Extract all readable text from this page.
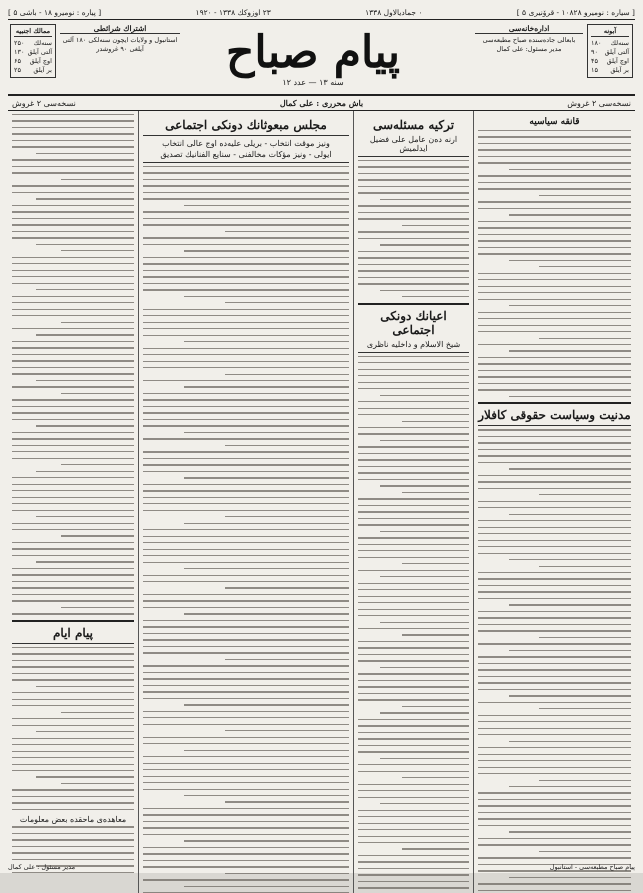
[ سیاره : نومیرو ۱۰۸۲۸ - قرۆنیری ۵ ]
۰ جمادیالاول ۱۳۳۸
۲۳ اوزوکك ۱۳۳۸ - ۱۹۲۰
[ پياره : نومیرو ۱۸ - باشی ۵ ]
آبونه
سنه‌لك
۱۸۰
آلتی آیلق
۹۰
اوچ آیلق
۴۵
بر آیلق
۱۵
اداره‌خانه‌سی
بابعالی جاده‌سنده صباح مطبعه‌سی
مدیر مسئول: علی کمال
پیام صباح
سنه ۱۳ — عدد ۱۲
اشتراك شرائطی
استانبول و ولایات ایچون سنه‌لکی ۱۸۰ آلتی آیلغی ۹۰ غروشدر
ممالك اجنبیه
سنه‌لك
۲۵۰
آلتی آیلق
۱۳۰
اوچ آیلق
۶۵
بر آیلق
۲۵
نسخه‌سی ۲ غروش
باش محرری : علی کمال
نسخه‌سی ۲ غروش
قانقه سیاسیه
مدنیت وسیاست حقوقی کافلار
ترکیه مسئله‌سی
ارنه ده‌ن عامل علی فضیل ایدلمیش
اعیانك دونکی اجتماعی
شیخ الاسلام و داخلیه ناظری
مجلس مبعوثانك دونکی اجتماعی
ونیز موقت انتخاب - بریلی علیه‌ده اوج عالی انتخاب
ایولی - ونیز مؤکات مخالفنی - سنایع الفنانیك تصدیق
پيام ایام
معاهده‌ی ماحقده بعض معلومات
پیام صباح مطبعه‌سی - استانبول
مدیر مسئول : علی کمال
